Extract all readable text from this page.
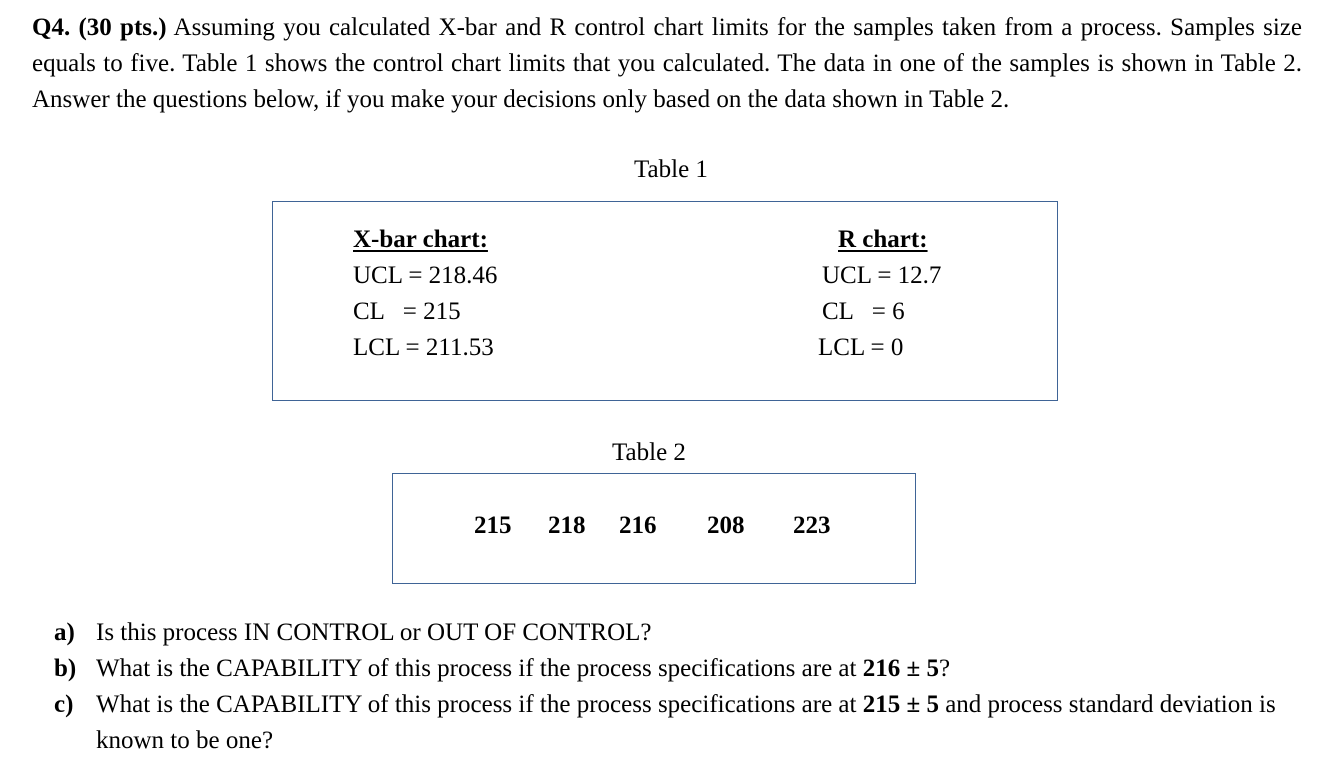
Q4. (30 pts.) Assuming you calculated X-bar and R control chart limits for the samples taken from a process. Samples size equals to five. Table 1 shows the control chart limits that you calculated. The data in one of the samples is shown in Table 2. Answer the questions below, if you make your decisions only based on the data shown in Table 2.

Table 1

X-bar chart:
UCL = 218.46
CL   = 215
LCL = 211.53
R chart:
UCL = 12.7
CL   = 6
LCL = 0

Table 2

215 218 216 208 223
a) Is this process IN CONTROL or OUT OF CONTROL?
b) What is the CAPABILITY of this process if the process specifications are at 216 ± 5?
c) What is the CAPABILITY of this process if the process specifications are at 215 ± 5 and process standard deviation is known to be one?
